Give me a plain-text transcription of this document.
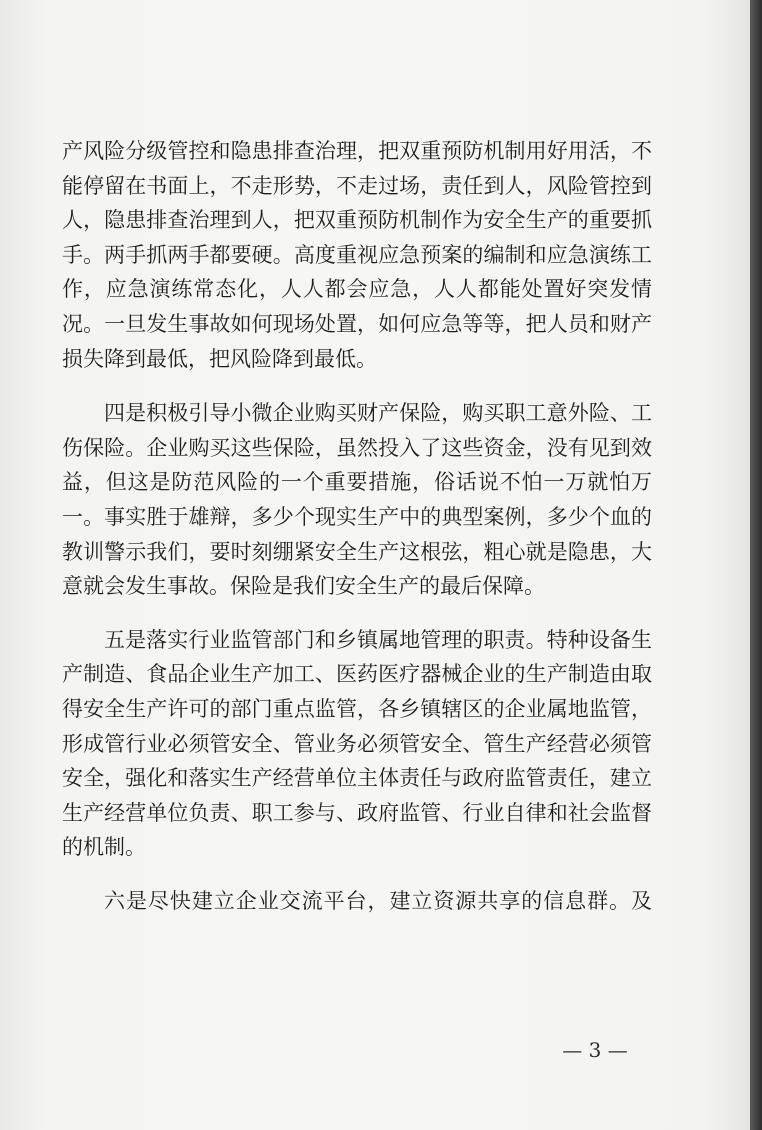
产风险分级管控和隐患排查治理，把双重预防机制用好用活，不能停留在书面上，不走形势，不走过场，责任到人，风险管控到人，隐患排查治理到人，把双重预防机制作为安全生产的重要抓手。两手抓两手都要硬。高度重视应急预案的编制和应急演练工作，应急演练常态化，人人都会应急，人人都能处置好突发情况。一旦发生事故如何现场处置，如何应急等等，把人员和财产损失降到最低，把风险降到最低。

四是积极引导小微企业购买财产保险，购买职工意外险、工伤保险。企业购买这些保险，虽然投入了这些资金，没有见到效益，但这是防范风险的一个重要措施，俗话说不怕一万就怕万一。事实胜于雄辩，多少个现实生产中的典型案例，多少个血的教训警示我们，要时刻绷紧安全生产这根弦，粗心就是隐患，大意就会发生事故。保险是我们安全生产的最后保障。

五是落实行业监管部门和乡镇属地管理的职责。特种设备生产制造、食品企业生产加工、医药医疗器械企业的生产制造由取得安全生产许可的部门重点监管，各乡镇辖区的企业属地监管，形成管行业必须管安全、管业务必须管安全、管生产经营必须管安全，强化和落实生产经营单位主体责任与政府监管责任，建立生产经营单位负责、职工参与、政府监管、行业自律和社会监督的机制。

六是尽快建立企业交流平台，建立资源共享的信息群。及

— 3 —
